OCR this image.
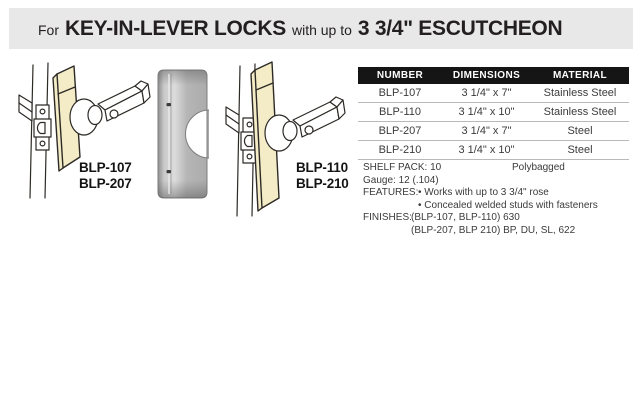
For KEY-IN-LEVER LOCKS with up to 3 3/4" ESCUTCHEON
BLP-107
BLP-207
BLP-110
BLP-210
NUMBER	DIMENSIONS	MATERIAL
BLP-107	3 1/4" x 7"	Stainless Steel
BLP-110	3 1/4" x 10"	Stainless Steel
BLP-207	3 1/4" x 7"	Steel
BLP-210	3 1/4" x 10"	Steel
SHELF PACK:
10	Polybagged
Gauge: 12 (.104)
FEATURES: • Works with up to 3 3/4" rose
• Concealed welded studs with fasteners
FINISHES: (BLP-107, BLP-110) 630
(BLP-207, BLP 210) BP, DU, SL, 622
